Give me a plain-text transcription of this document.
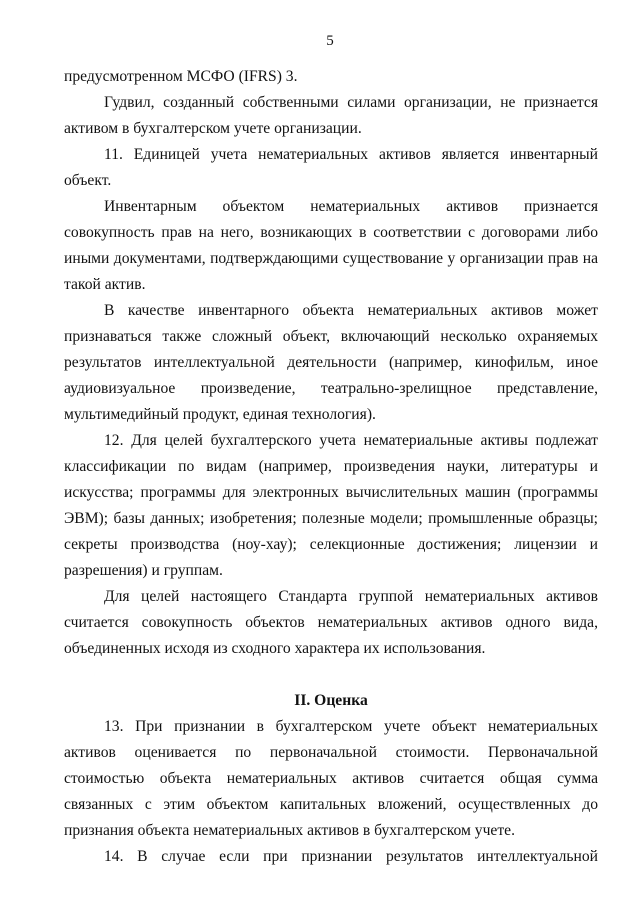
5

предусмотренном МСФО (IFRS) 3.

Гудвил, созданный собственными силами организации, не признается активом в бухгалтерском учете организации.

11. Единицей учета нематериальных активов является инвентарный объект.

Инвентарным объектом нематериальных активов признается совокупность прав на него, возникающих в соответствии с договорами либо иными документами, подтверждающими существование у организации прав на такой актив.

В качестве инвентарного объекта нематериальных активов может признаваться также сложный объект, включающий несколько охраняемых результатов интеллектуальной деятельности (например, кинофильм, иное аудиовизуальное произведение, театрально-зрелищное представление, мультимедийный продукт, единая технология).

12. Для целей бухгалтерского учета нематериальные активы подлежат классификации по видам (например, произведения науки, литературы и искусства; программы для электронных вычислительных машин (программы ЭВМ); базы данных; изобретения; полезные модели; промышленные образцы; секреты производства (ноу-хау); селекционные достижения; лицензии и разрешения) и группам.

Для целей настоящего Стандарта группой нематериальных активов считается совокупность объектов нематериальных активов одного вида, объединенных исходя из сходного характера их использования.

II. Оценка

13. При признании в бухгалтерском учете объект нематериальных активов оценивается по первоначальной стоимости. Первоначальной стоимостью объекта нематериальных активов считается общая сумма связанных с этим объектом капитальных вложений, осуществленных до признания объекта нематериальных активов в бухгалтерском учете.

14. В случае если при признании результатов интеллектуальной
